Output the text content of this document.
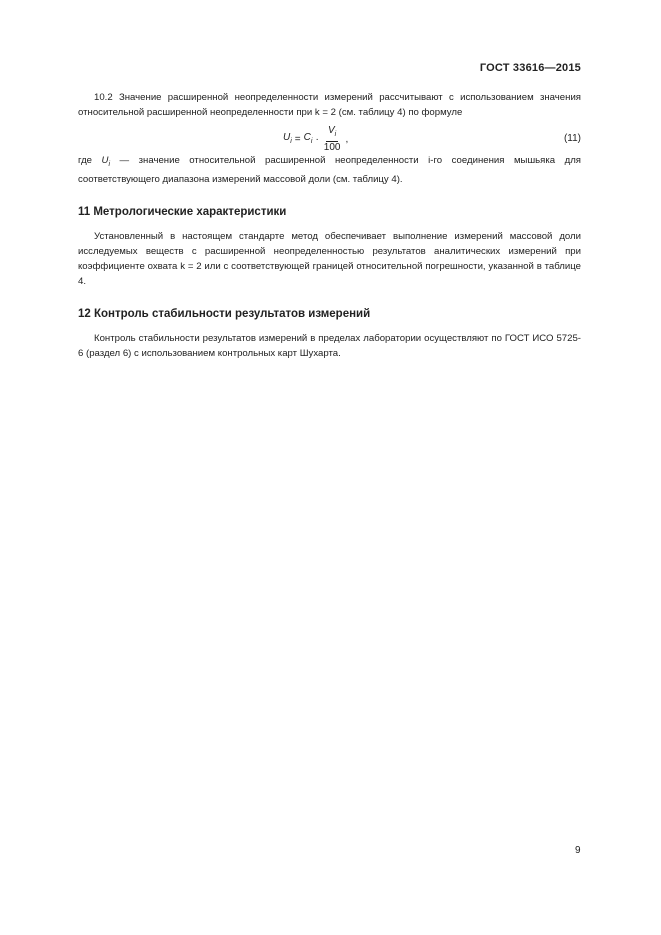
ГОСТ 33616—2015

10.2 Значение расширенной неопределенности измерений рассчитывают с использованием значения относительной расширенной неопределенности при k = 2 (см. таблицу 4) по формуле

$U_i = C_i \cdot \frac{V_i}{100}$ ,	(11)

где $U_i$ — значение относительной расширенной неопределенности i-го соединения мышьяка для соответствующего диапазона измерений массовой доли (см. таблицу 4).

11 Метрологические характеристики

Установленный в настоящем стандарте метод обеспечивает выполнение измерений массовой доли исследуемых веществ с расширенной неопределенностью результатов аналитических измерений при коэффициенте охвата k = 2 или с соответствующей границей относительной погрешности, указанной в таблице 4.

12 Контроль стабильности результатов измерений

Контроль стабильности результатов измерений в пределах лаборатории осуществляют по ГОСТ ИСО 5725-6 (раздел 6) с использованием контрольных карт Шухарта.

9
